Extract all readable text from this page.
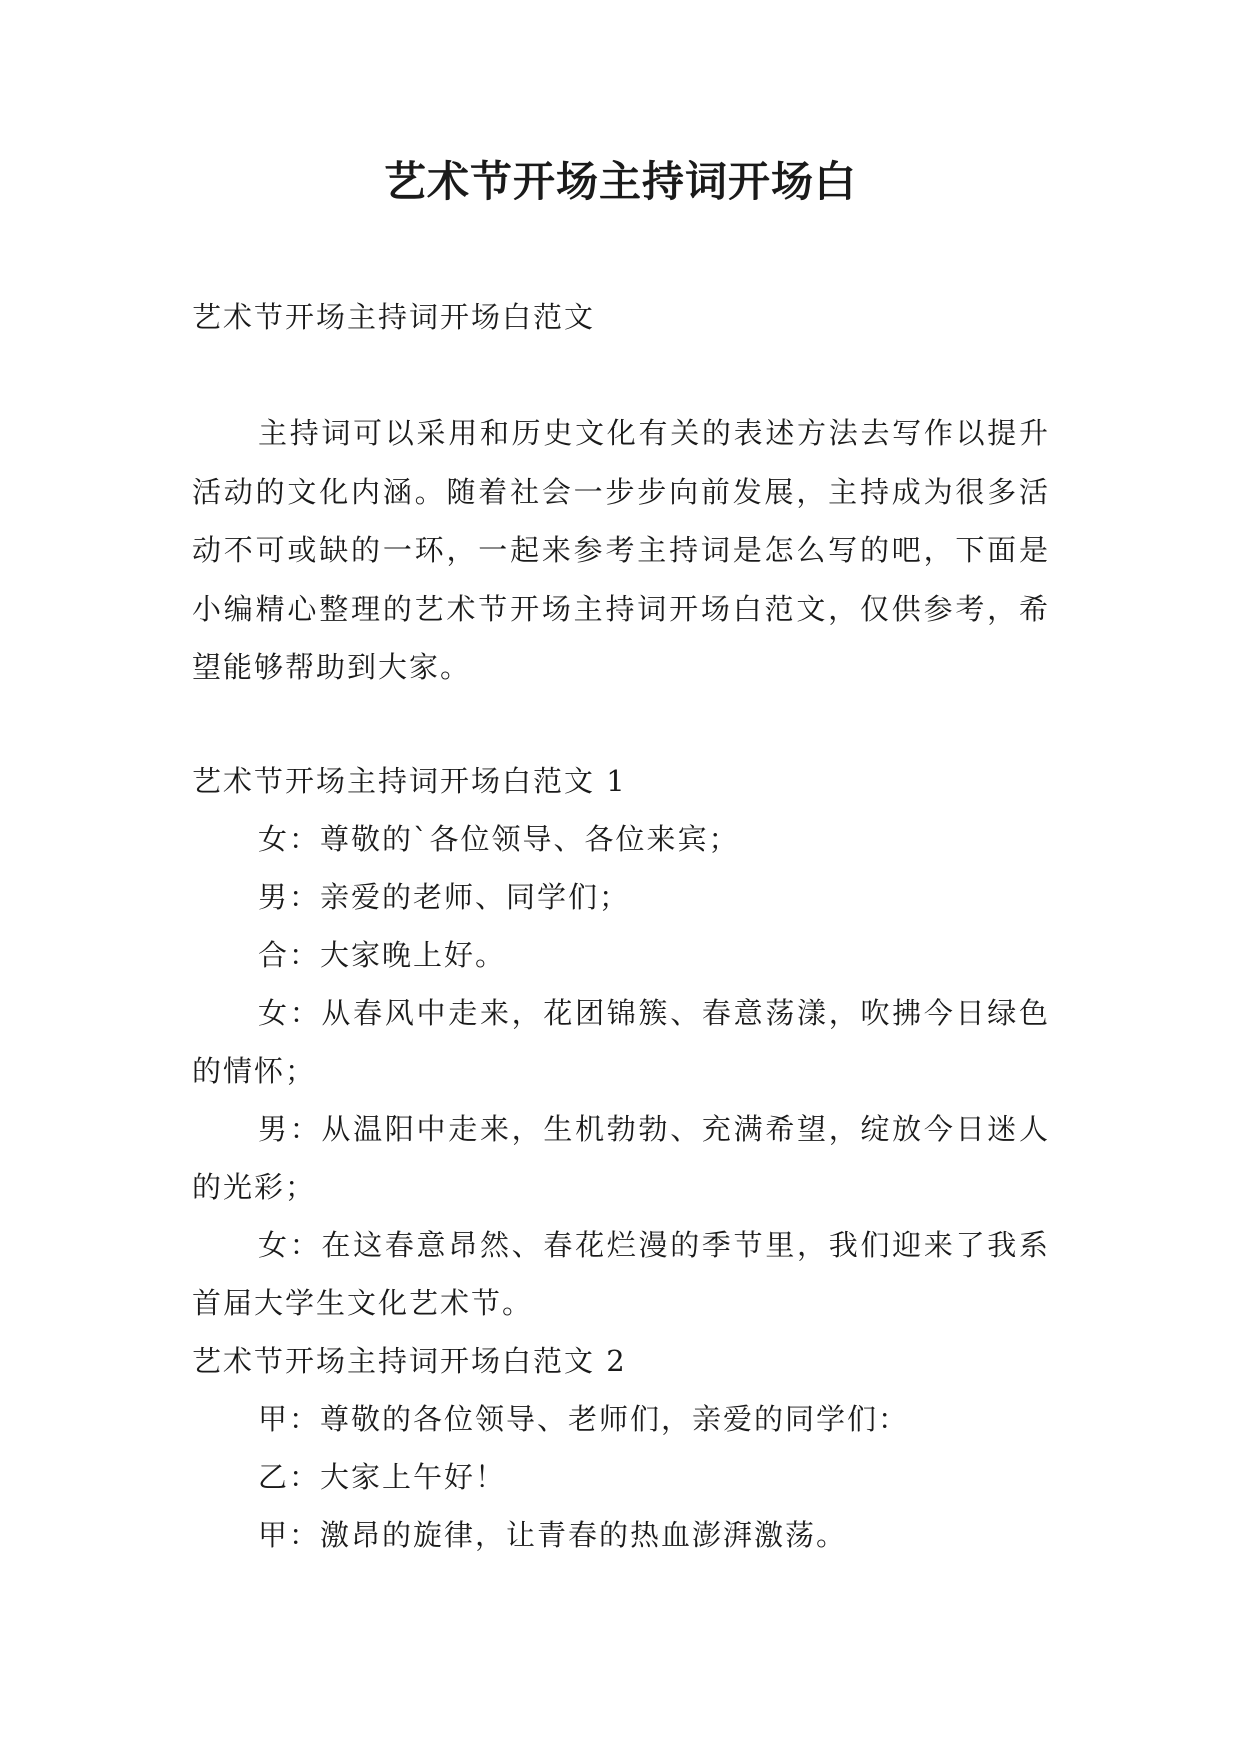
艺术节开场主持词开场白

艺术节开场主持词开场白范文

主持词可以采用和历史文化有关的表述方法去写作以提升活动的文化内涵。随着社会一步步向前发展，主持成为很多活动不可或缺的一环，一起来参考主持词是怎么写的吧，下面是小编精心整理的艺术节开场主持词开场白范文，仅供参考，希望能够帮助到大家。

艺术节开场主持词开场白范文 1

女：尊敬的`各位领导、各位来宾；

男：亲爱的老师、同学们；

合：大家晚上好。

女：从春风中走来，花团锦簇、春意荡漾，吹拂今日绿色的情怀；

男：从温阳中走来，生机勃勃、充满希望，绽放今日迷人的光彩；

女：在这春意昂然、春花烂漫的季节里，我们迎来了我系首届大学生文化艺术节。

艺术节开场主持词开场白范文 2

甲：尊敬的各位领导、老师们，亲爱的同学们：

乙：大家上午好！

甲：激昂的旋律，让青春的热血澎湃激荡。
